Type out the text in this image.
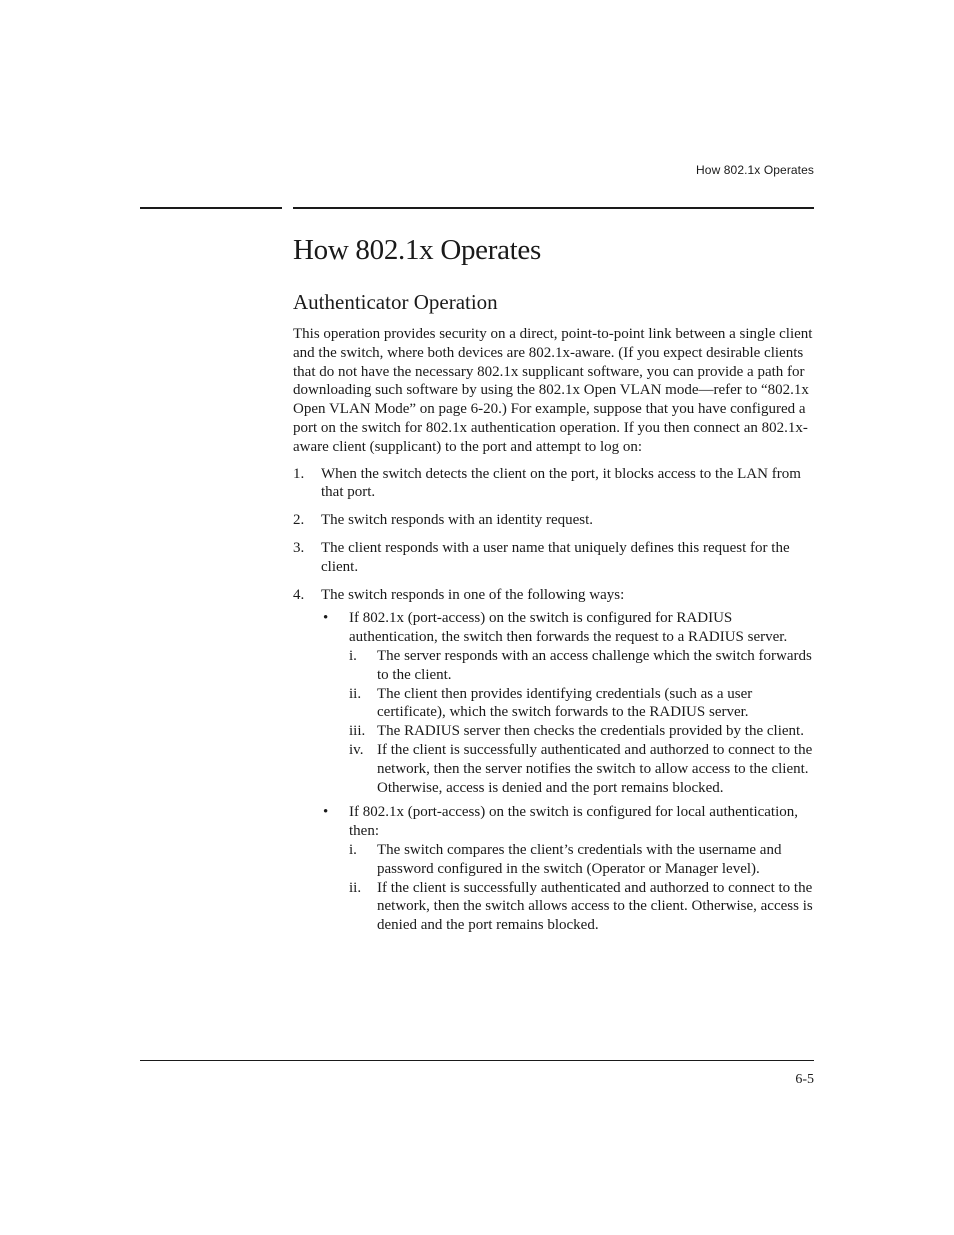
How 802.1x Operates
How 802.1x Operates
Authenticator Operation

This operation provides security on a direct, point-to-point link between a single client and the switch, where both devices are 802.1x-aware. (If you expect desirable clients that do not have the necessary 802.1x supplicant software, you can provide a path for downloading such software by using the 802.1x Open VLAN mode—refer to “802.1x Open VLAN Mode” on page 6-20.) For example, suppose that you have configured a port on the switch for 802.1x authentication operation. If you then connect an 802.1x-aware client (supplicant) to the port and attempt to log on:

1. When the switch detects the client on the port, it blocks access to the LAN from that port.
2. The switch responds with an identity request.
3. The client responds with a user name that uniquely defines this request for the client.
4. The switch responds in one of the following ways:
• If 802.1x (port-access) on the switch is configured for RADIUS authentication, the switch then forwards the request to a RADIUS server.
i. The server responds with an access challenge which the switch forwards to the client.
ii. The client then provides identifying credentials (such as a user certificate), which the switch forwards to the RADIUS server.
iii. The RADIUS server then checks the credentials provided by the client.
iv. If the client is successfully authenticated and authorzed to connect to the network, then the server notifies the switch to allow access to the client. Otherwise, access is denied and the port remains blocked.
• If 802.1x (port-access) on the switch is configured for local authentication, then:
i. The switch compares the client’s credentials with the username and password configured in the switch (Operator or Manager level).
ii. If the client is successfully authenticated and authorzed to connect to the network, then the switch allows access to the client. Otherwise, access is denied and the port remains blocked.
6-5
